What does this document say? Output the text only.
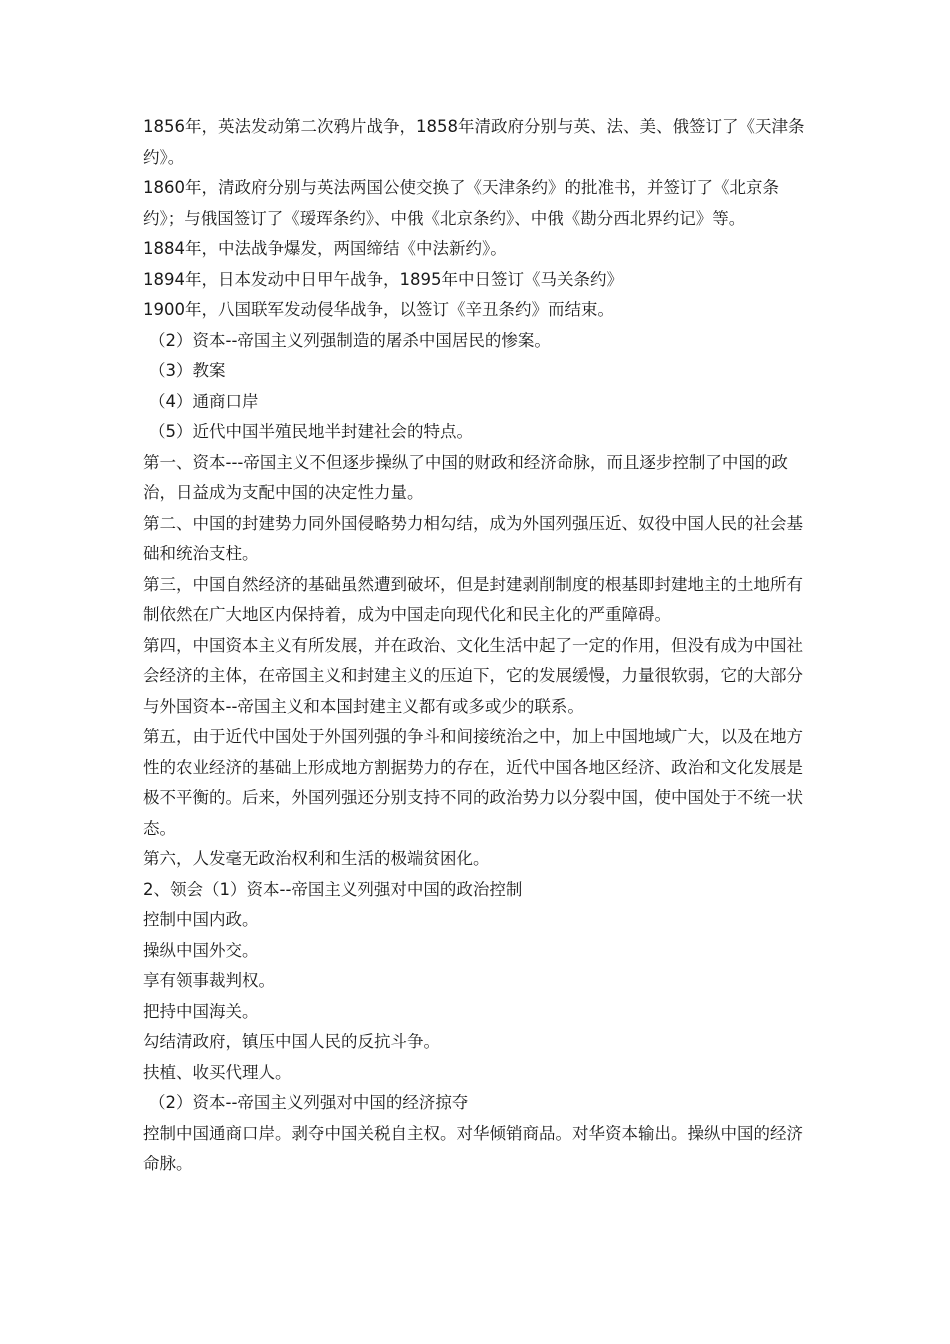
1856年，英法发动第二次鸦片战争，1858年清政府分别与英、法、美、俄签订了《天津条约》。

1860年，清政府分别与英法两国公使交换了《天津条约》的批准书，并签订了《北京条约》；与俄国签订了《瑷珲条约》、中俄《北京条约》、中俄《勘分西北界约记》等。

1884年，中法战争爆发，两国缔结《中法新约》。

1894年，日本发动中日甲午战争，1895年中日签订《马关条约》

1900年，八国联军发动侵华战争，以签订《辛丑条约》而结束。

（2）资本--帝国主义列强制造的屠杀中国居民的惨案。

（3）教案

（4）通商口岸

（5）近代中国半殖民地半封建社会的特点。

第一、资本---帝国主义不但逐步操纵了中国的财政和经济命脉，而且逐步控制了中国的政治，日益成为支配中国的决定性力量。

第二、中国的封建势力同外国侵略势力相勾结，成为外国列强压近、奴役中国人民的社会基础和统治支柱。

第三，中国自然经济的基础虽然遭到破坏，但是封建剥削制度的根基即封建地主的土地所有制依然在广大地区内保持着，成为中国走向现代化和民主化的严重障碍。

第四，中国资本主义有所发展，并在政治、文化生活中起了一定的作用，但没有成为中国社会经济的主体，在帝国主义和封建主义的压迫下，它的发展缓慢，力量很软弱，它的大部分与外国资本--帝国主义和本国封建主义都有或多或少的联系。

第五，由于近代中国处于外国列强的争斗和间接统治之中，加上中国地域广大，以及在地方性的农业经济的基础上形成地方割据势力的存在，近代中国各地区经济、政治和文化发展是极不平衡的。后来，外国列强还分别支持不同的政治势力以分裂中国，使中国处于不统一状态。

第六，人发毫无政治权利和生活的极端贫困化。

2、领会（1）资本--帝国主义列强对中国的政治控制

控制中国内政。

操纵中国外交。

享有领事裁判权。

把持中国海关。

勾结清政府，镇压中国人民的反抗斗争。

扶植、收买代理人。

（2）资本--帝国主义列强对中国的经济掠夺

控制中国通商口岸。剥夺中国关税自主权。对华倾销商品。对华资本输出。操纵中国的经济命脉。
